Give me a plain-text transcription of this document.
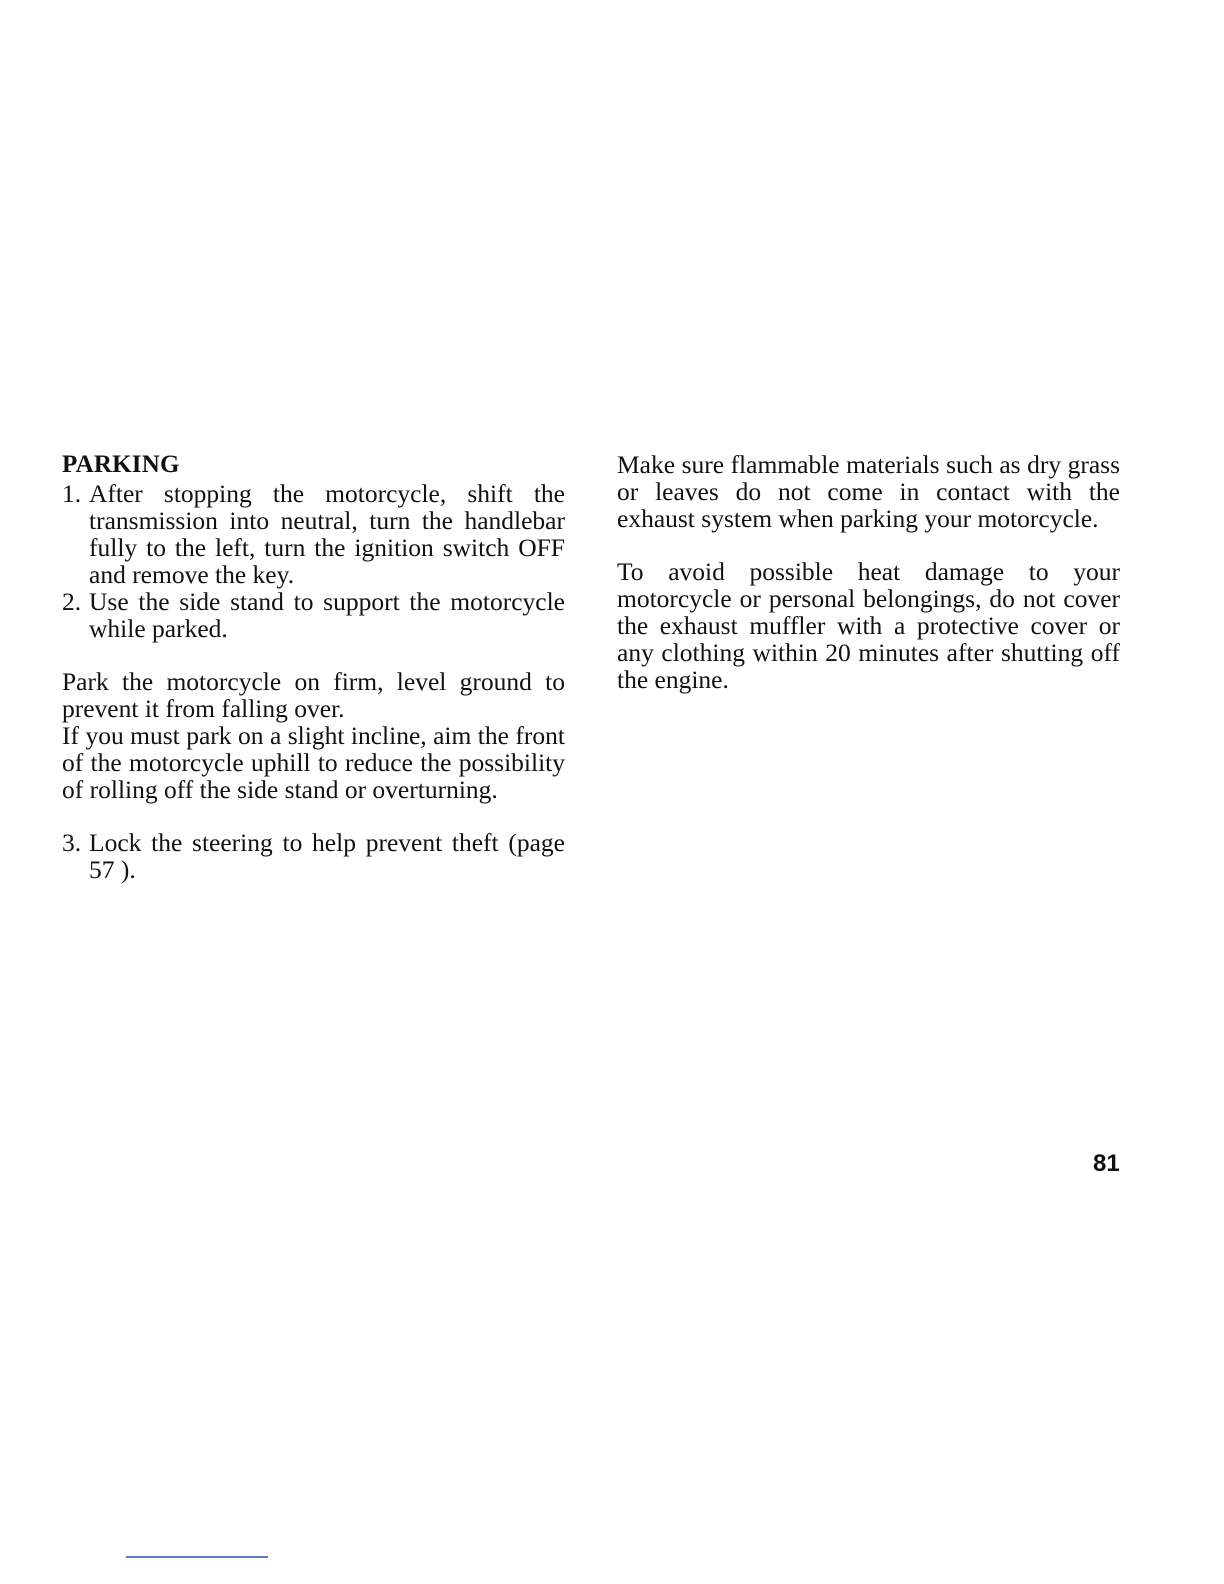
PARKING
1. After stopping the motorcycle, shift the transmission into neutral, turn the handlebar fully to the left, turn the ignition switch OFF and remove the key.
2. Use the side stand to support the motorcycle while parked.

Park the motorcycle on firm, level ground to prevent it from falling over.

If you must park on a slight incline, aim the front of the motorcycle uphill to reduce the possibility of rolling off the side stand or overturning.

3. Lock the steering to help prevent theft (page 57 ).

Make sure flammable materials such as dry grass or leaves do not come in contact with the exhaust system when parking your motorcycle.

To avoid possible heat damage to your motorcycle or personal belongings, do not cover the exhaust muffler with a protective cover or any clothing within 20 minutes after shutting off the engine.

81
